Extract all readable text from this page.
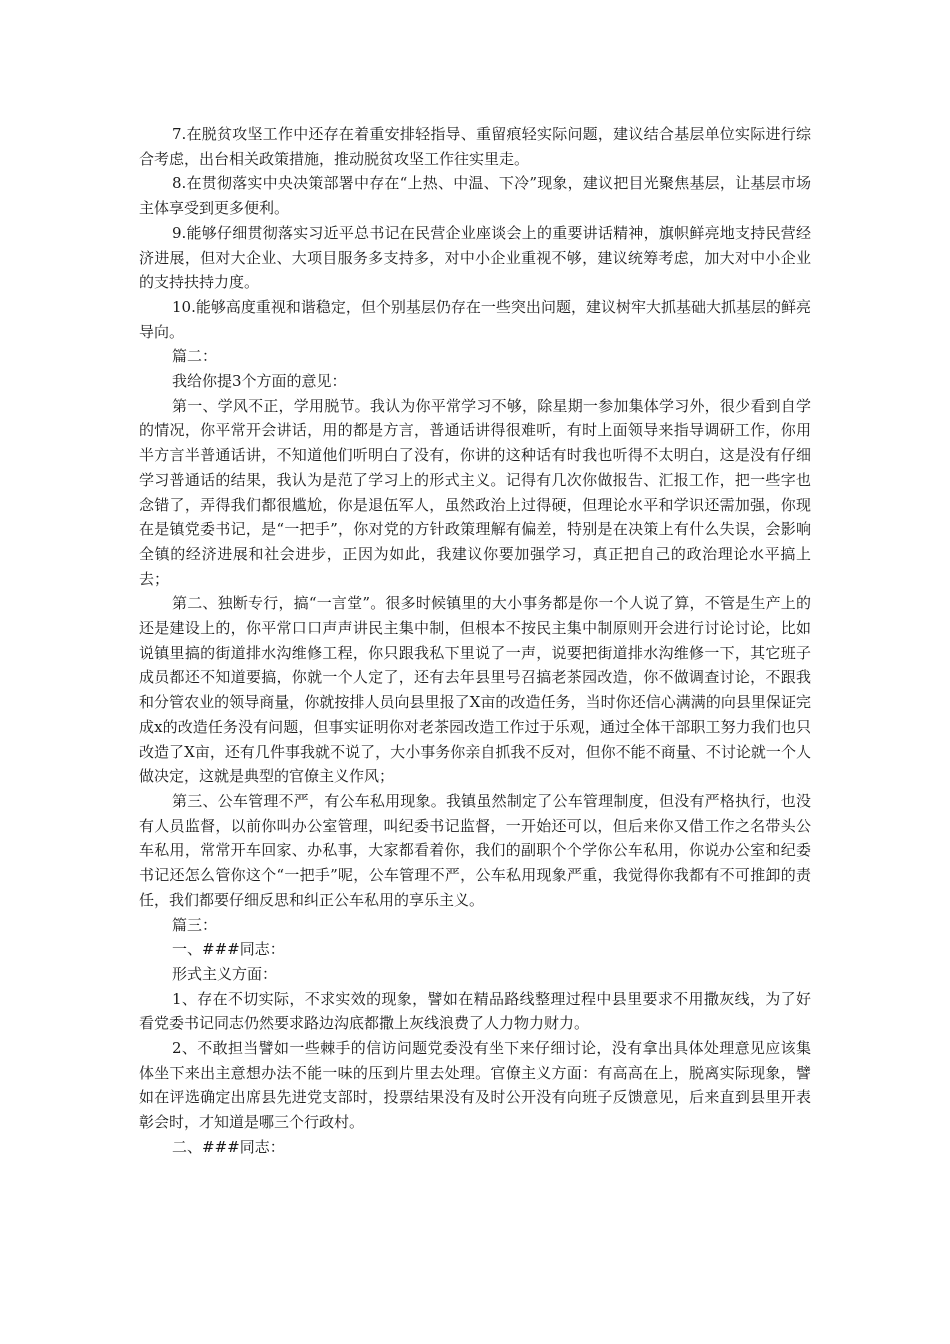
7.在脱贫攻坚工作中还存在着重安排轻指导、重留痕轻实际问题，建议结合基层单位实际进行综合考虑，出台相关政策措施，推动脱贫攻坚工作往实里走。

8.在贯彻落实中央决策部署中存在“上热、中温、下冷”现象，建议把目光聚焦基层，让基层市场主体享受到更多便利。

9.能够仔细贯彻落实习近平总书记在民营企业座谈会上的重要讲话精神，旗帜鲜亮地支持民营经济进展，但对大企业、大项目服务多支持多，对中小企业重视不够，建议统筹考虑，加大对中小企业的支持扶持力度。

10.能够高度重视和谐稳定，但个别基层仍存在一些突出问题，建议树牢大抓基础大抓基层的鲜亮导向。

篇二：

我给你提3个方面的意见：

第一、学风不正，学用脱节。我认为你平常学习不够，除星期一参加集体学习外，很少看到自学的情况，你平常开会讲话，用的都是方言，普通话讲得很难听，有时上面领导来指导调研工作，你用半方言半普通话讲，不知道他们听明白了没有，你讲的这种话有时我也听得不太明白，这是没有仔细学习普通话的结果，我认为是范了学习上的形式主义。记得有几次你做报告、汇报工作，把一些字也念错了，弄得我们都很尴尬，你是退伍军人，虽然政治上过得硬，但理论水平和学识还需加强，你现在是镇党委书记，是“一把手”，你对党的方针政策理解有偏差，特别是在决策上有什么失误，会影响全镇的经济进展和社会进步，正因为如此，我建议你要加强学习，真正把自己的政治理论水平搞上去；

第二、独断专行，搞“一言堂”。很多时候镇里的大小事务都是你一个人说了算，不管是生产上的还是建设上的，你平常口口声声讲民主集中制，但根本不按民主集中制原则开会进行讨论讨论，比如说镇里搞的街道排水沟维修工程，你只跟我私下里说了一声，说要把街道排水沟维修一下，其它班子成员都还不知道要搞，你就一个人定了，还有去年县里号召搞老茶园改造，你不做调查讨论，不跟我和分管农业的领导商量，你就按排人员向县里报了X亩的改造任务，当时你还信心满满的向县里保证完成x的改造任务没有问题，但事实证明你对老茶园改造工作过于乐观，通过全体干部职工努力我们也只改造了X亩，还有几件事我就不说了，大小事务你亲自抓我不反对，但你不能不商量、不讨论就一个人做决定，这就是典型的官僚主义作风；

第三、公车管理不严，有公车私用现象。我镇虽然制定了公车管理制度，但没有严格执行，也没有人员监督，以前你叫办公室管理，叫纪委书记监督，一开始还可以，但后来你又借工作之名带头公车私用，常常开车回家、办私事，大家都看着你，我们的副职个个学你公车私用，你说办公室和纪委书记还怎么管你这个“一把手”呢，公车管理不严，公车私用现象严重，我觉得你我都有不可推卸的责任，我们都要仔细反思和纠正公车私用的享乐主义。

篇三：

一、###同志：

形式主义方面：

1、存在不切实际，不求实效的现象，譬如在精品路线整理过程中县里要求不用撒灰线，为了好看党委书记同志仍然要求路边沟底都撒上灰线浪费了人力物力财力。

2、不敢担当譬如一些棘手的信访问题党委没有坐下来仔细讨论，没有拿出具体处理意见应该集体坐下来出主意想办法不能一味的压到片里去处理。官僚主义方面：有高高在上，脱离实际现象，譬如在评选确定出席县先进党支部时，投票结果没有及时公开没有向班子反馈意见，后来直到县里开表彰会时，才知道是哪三个行政村。

二、###同志：
